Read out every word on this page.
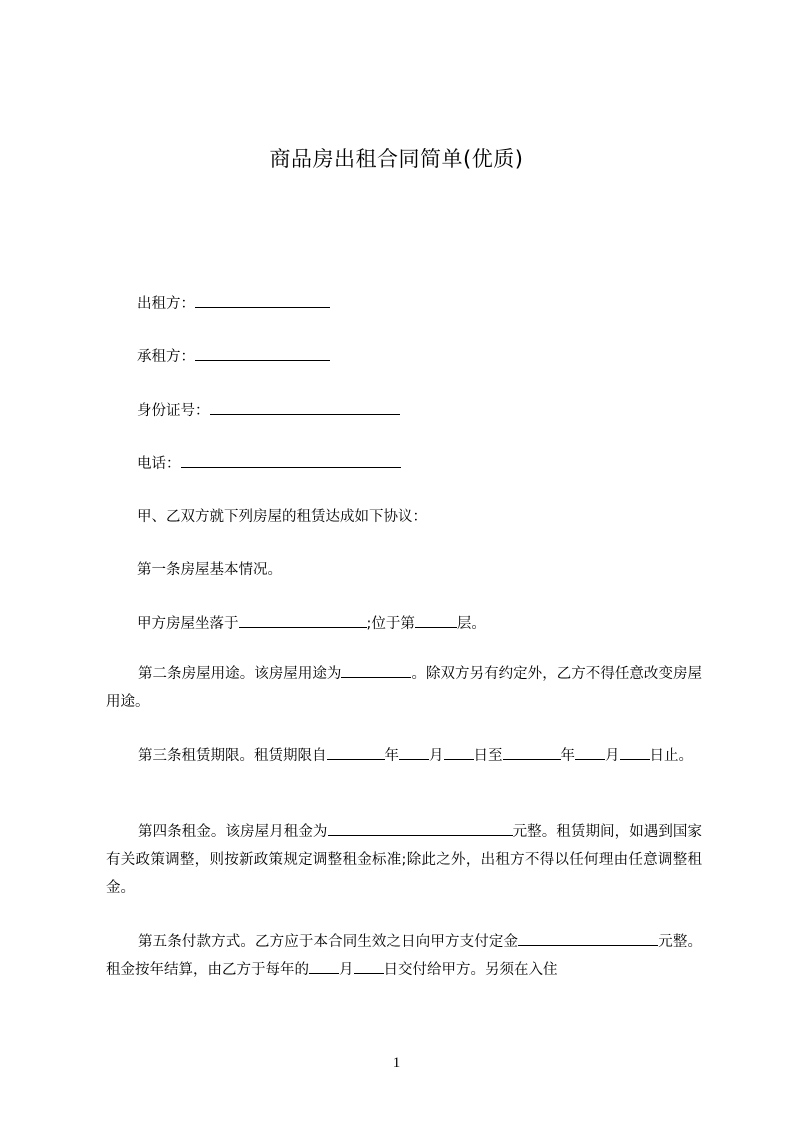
商品房出租合同简单(优质)
出租方：
承租方：
身份证号：
电话：
甲、乙双方就下列房屋的租赁达成如下协议：
第一条房屋基本情况。
甲方房屋坐落于	;位于第	层。
第二条房屋用途。该房屋用途为	。除双方另有约定外，乙方不得任意改变房屋用途。
第三条租赁期限。租赁期限自	年 月 日至	年 月 日止。
第四条租金。该房屋月租金为	元整。租赁期间，如遇到国家有关政策调整，则按新政策规定调整租金标准;除此之外，出租方不得以任何理由任意调整租金。
第五条付款方式。乙方应于本合同生效之日向甲方支付定金	元整。租金按年结算，由乙方于每年的 月 日交付给甲方。另须在入住
1
